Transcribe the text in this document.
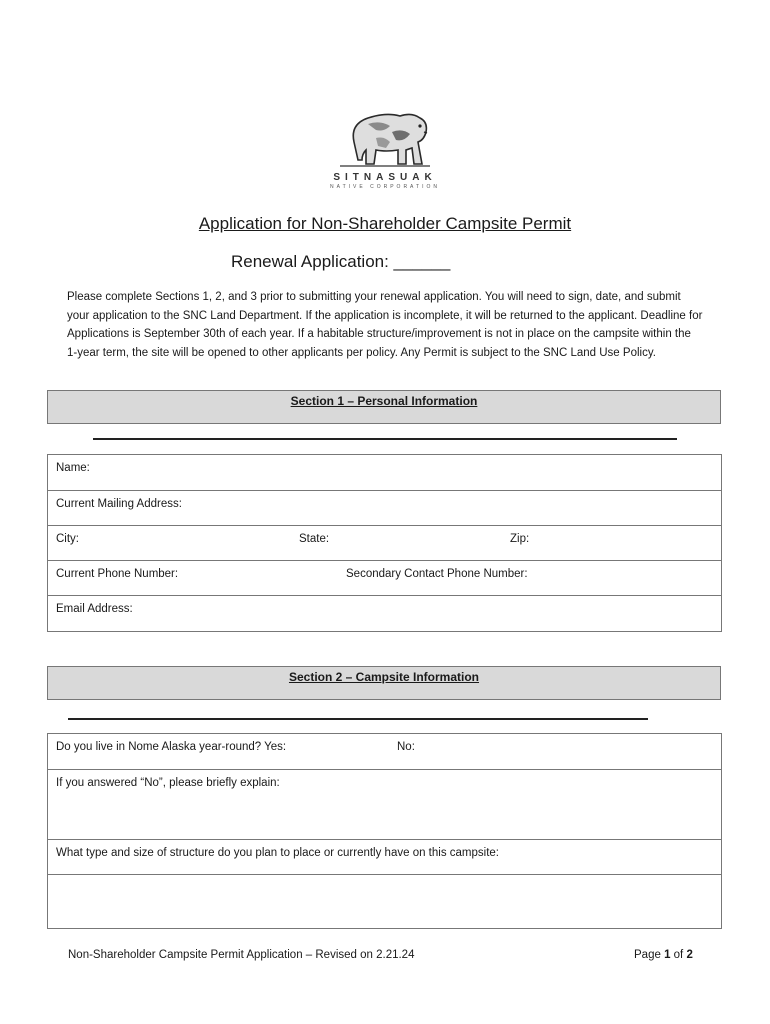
SITNASUAK
NATIVE CORPORATION
Application for Non-Shareholder Campsite Permit
Renewal Application: ______
Please complete Sections 1, 2, and 3 prior to submitting your renewal application. You will need to sign, date, and submit your application to the SNC Land Department. If the application is incomplete, it will be returned to the applicant. Deadline for Applications is September 30th of each year. If a habitable structure/improvement is not in place on the campsite within the 1-year term, the site will be opened to other applicants per policy. Any Permit is subject to the SNC Land Use Policy.
Section 1 – Personal Information
Name:
Current Mailing Address:
City:	State:	Zip:
Current Phone Number:	Secondary Contact Phone Number:
Email Address:
Section 2 – Campsite Information
Do you live in Nome Alaska year-round? Yes:	No:
If you answered “No”, please briefly explain:
What type and size of structure do you plan to place or currently have on this campsite:
Non-Shareholder Campsite Permit Application – Revised on 2.21.24	Page 1 of 2
